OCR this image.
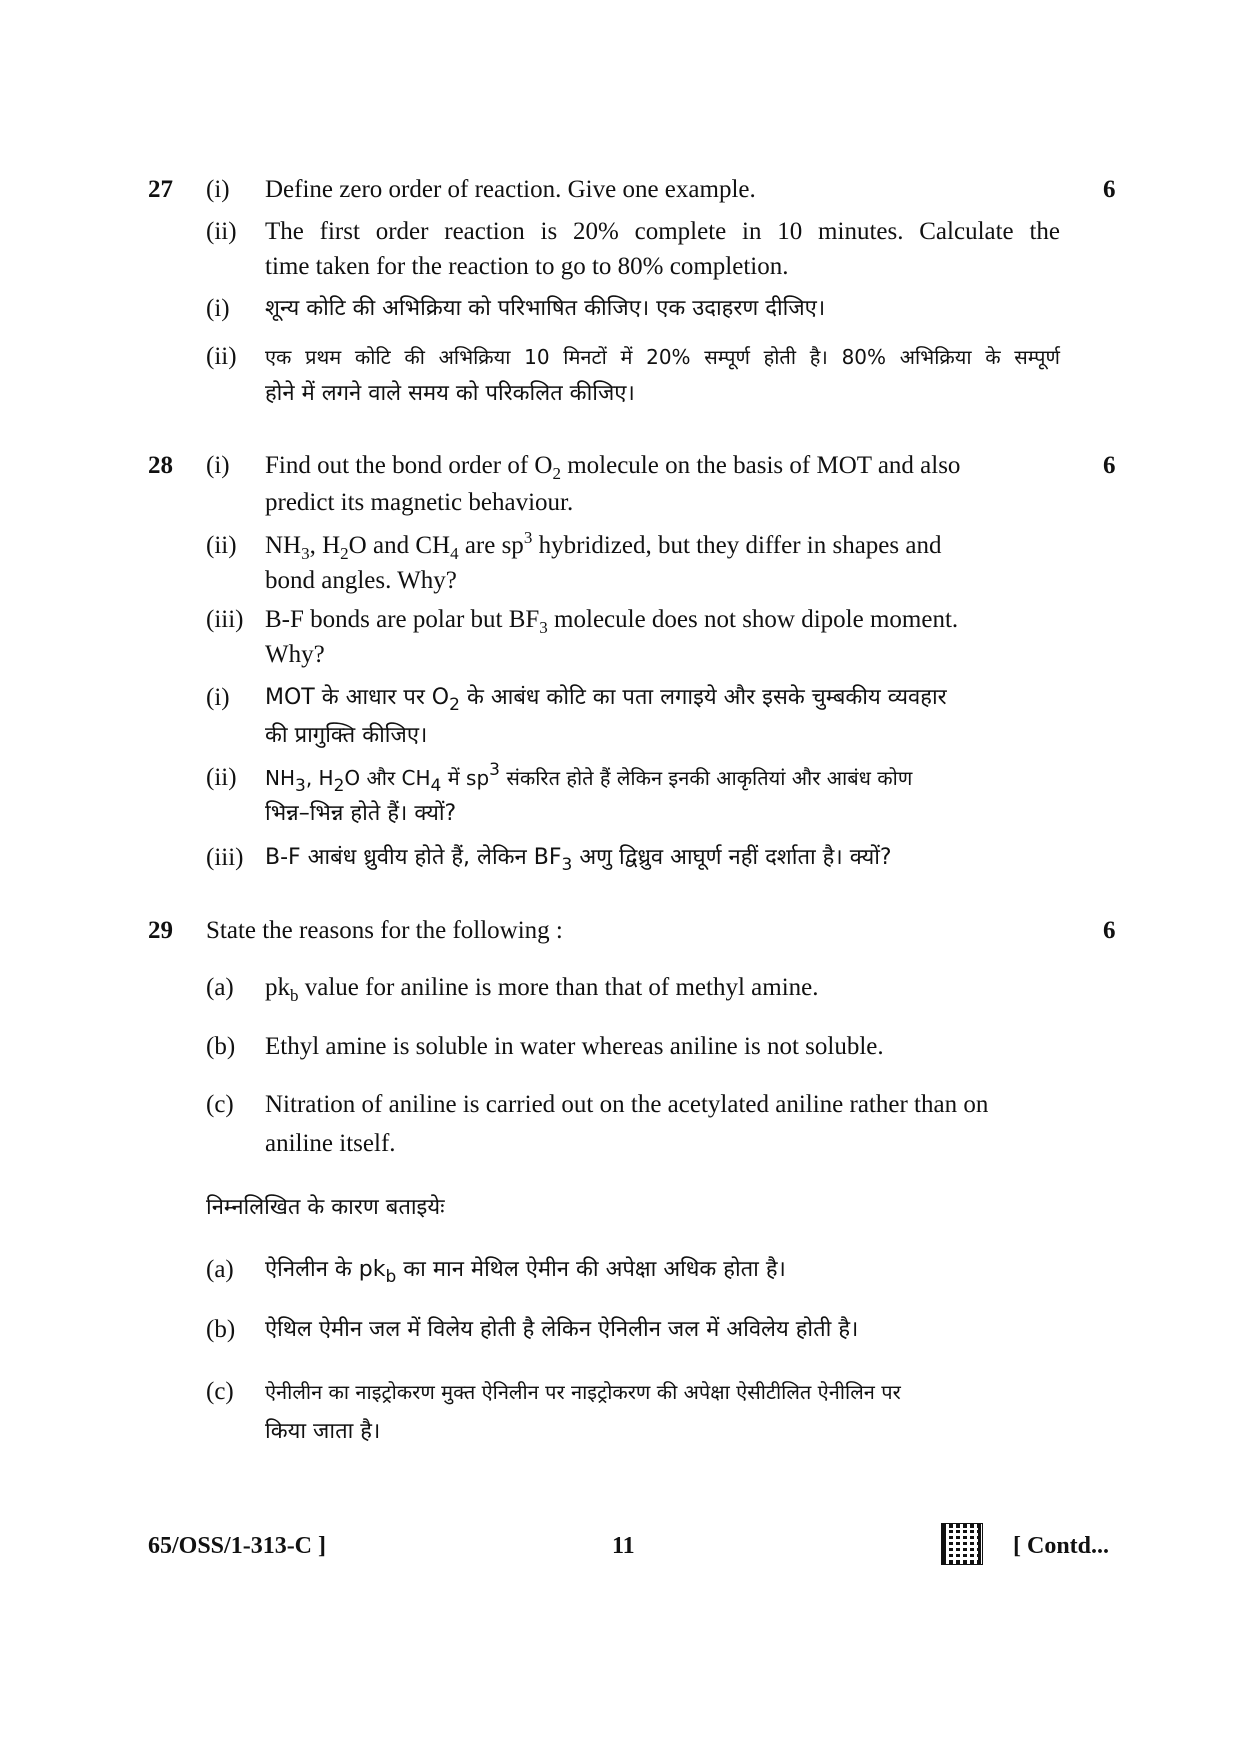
27	6
(i) Define zero order of reaction. Give one example.
(ii) The first order reaction is 20% complete in 10 minutes. Calculate the
time taken for the reaction to go to 80% completion.
(i) शून्य कोटि की अभिक्रिया को परिभाषित कीजिए। एक उदाहरण दीजिए।
(ii) एक प्रथम कोटि की अभिक्रिया 10 मिनटों में 20% सम्पूर्ण होती है। 80% अभिक्रिया के सम्पूर्ण
होने में लगने वाले समय को परिकलित कीजिए।
28	6
(i) Find out the bond order of $O_2$ molecule on the basis of MOT and also
predict its magnetic behaviour.
(ii) $NH_3$, $H_2O$ and $CH_4$ are $sp^3$ hybridized, but they differ in shapes and
bond angles. Why?
(iii) B-F bonds are polar but $BF_3$ molecule does not show dipole moment.
Why?
(i) MOT के आधार पर $O_2$ के आबंध कोटि का पता लगाइये और इसके चुम्बकीय व्यवहार
की प्रागुक्ति कीजिए।
(ii) $NH_3$, $H_2O$ और $CH_4$ में $sp^3$ संकरित होते हैं लेकिन इनकी आकृतियां और आबंध कोण
भिन्न–भिन्न होते हैं। क्यों?
(iii) B-F आबंध ध्रुवीय होते हैं, लेकिन $BF_3$ अणु द्विध्रुव आघूर्ण नहीं दर्शाता है। क्यों?
29	6
State the reasons for the following :
(a) $pk_b$ value for aniline is more than that of methyl amine.
(b) Ethyl amine is soluble in water whereas aniline is not soluble.
(c) Nitration of aniline is carried out on the acetylated aniline rather than on
aniline itself.
निम्नलिखित के कारण बताइयेः
(a) ऐनिलीन के $pk_b$ का मान मेथिल ऐमीन की अपेक्षा अधिक होता है।
(b) ऐथिल ऐमीन जल में विलेय होती है लेकिन ऐनिलीन जल में अविलेय होती है।
(c) ऐनीलीन का नाइट्रोकरण मुक्त ऐनिलीन पर नाइट्रोकरण की अपेक्षा ऐसीटीलित ऐनीलिन पर
किया जाता है।
65/OSS/1-313-C ]	11	[ Contd...
